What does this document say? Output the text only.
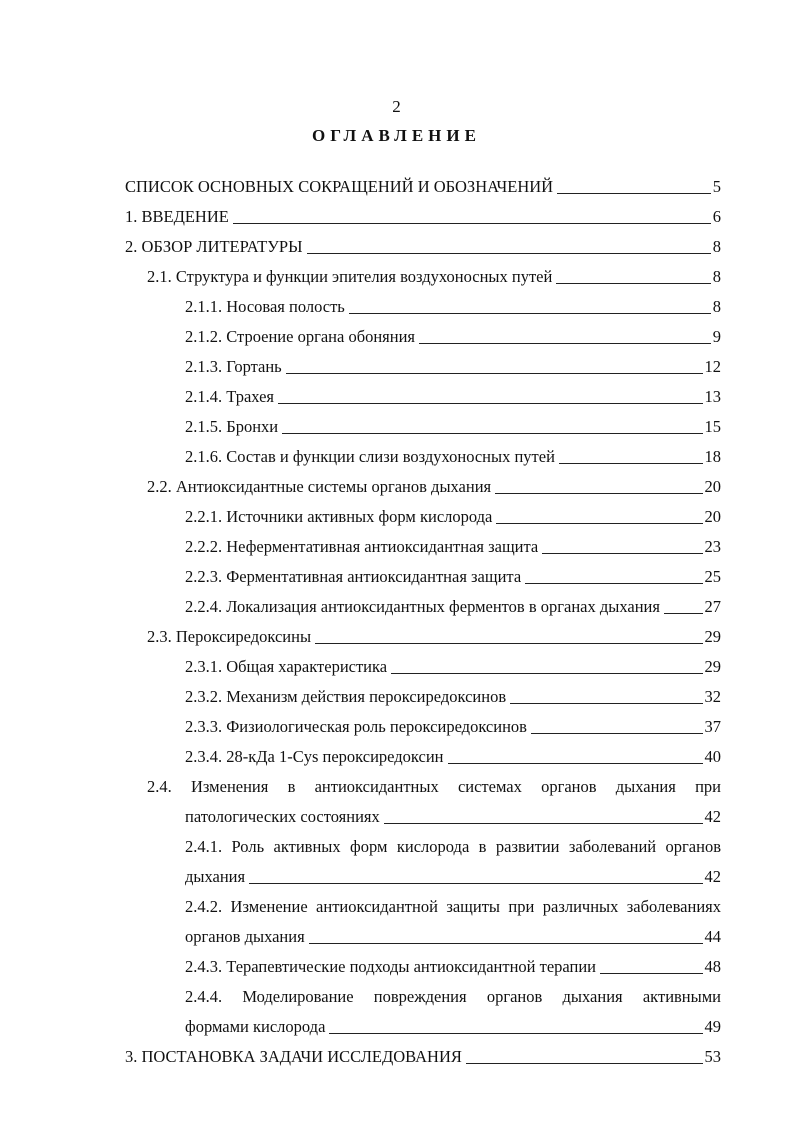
2
ОГЛАВЛЕНИЕ
СПИСОК ОСНОВНЫХ СОКРАЩЕНИЙ И ОБОЗНАЧЕНИЙ	5
1. ВВЕДЕНИЕ	6
2. ОБЗОР ЛИТЕРАТУРЫ	8
2.1. Структура и функции эпителия воздухоносных путей	8
2.1.1. Носовая полость	8
2.1.2. Строение органа обоняния	9
2.1.3. Гортань	12
2.1.4. Трахея	13
2.1.5. Бронхи	15
2.1.6. Состав и функции слизи воздухоносных путей	18
2.2. Антиоксидантные системы органов дыхания	20
2.2.1. Источники активных форм кислорода	20
2.2.2. Неферментативная антиоксидантная защита	23
2.2.3. Ферментативная антиоксидантная защита	25
2.2.4. Локализация антиоксидантных ферментов в органах дыхания	27
2.3. Пероксиредоксины	29
2.3.1. Общая характеристика	29
2.3.2. Механизм действия пероксиредоксинов	32
2.3.3. Физиологическая роль пероксиредоксинов	37
2.3.4. 28-кДа 1-Cys пероксиредоксин	40
2.4. Изменения в антиоксидантных системах органов дыхания при
патологических состояниях	42
2.4.1. Роль активных форм кислорода в развитии заболеваний органов
дыхания	42
2.4.2. Изменение антиоксидантной защиты при различных заболеваниях
органов дыхания	44
2.4.3. Терапевтические подходы антиоксидантной терапии	48
2.4.4. Моделирование повреждения органов дыхания активными
формами кислорода	49
3. ПОСТАНОВКА ЗАДАЧИ ИССЛЕДОВАНИЯ	53
